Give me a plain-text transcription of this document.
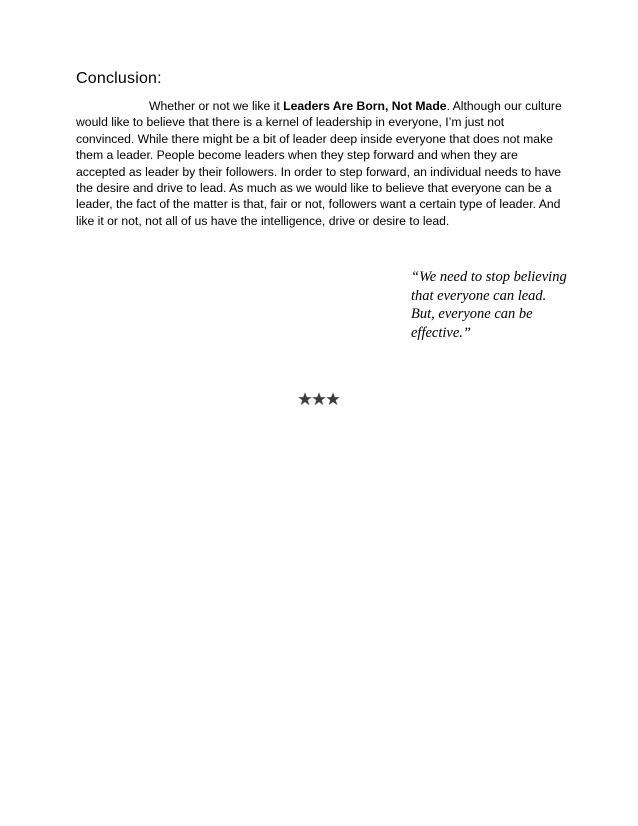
Conclusion:

Whether or not we like it Leaders Are Born, Not Made. Although our culture would like to believe that there is a kernel of leadership in everyone, I’m just not convinced. While there might be a bit of leader deep inside everyone that does not make them a leader. People become leaders when they step forward and when they are accepted as leader by their followers. In order to step forward, an individual needs to have the desire and drive to lead. As much as we would like to believe that everyone can be a leader, the fact of the matter is that, fair or not, followers want a certain type of leader. And like it or not, not all of us have the intelligence, drive or desire to lead.

“We need to stop believing that everyone can lead. But, everyone can be effective.”
